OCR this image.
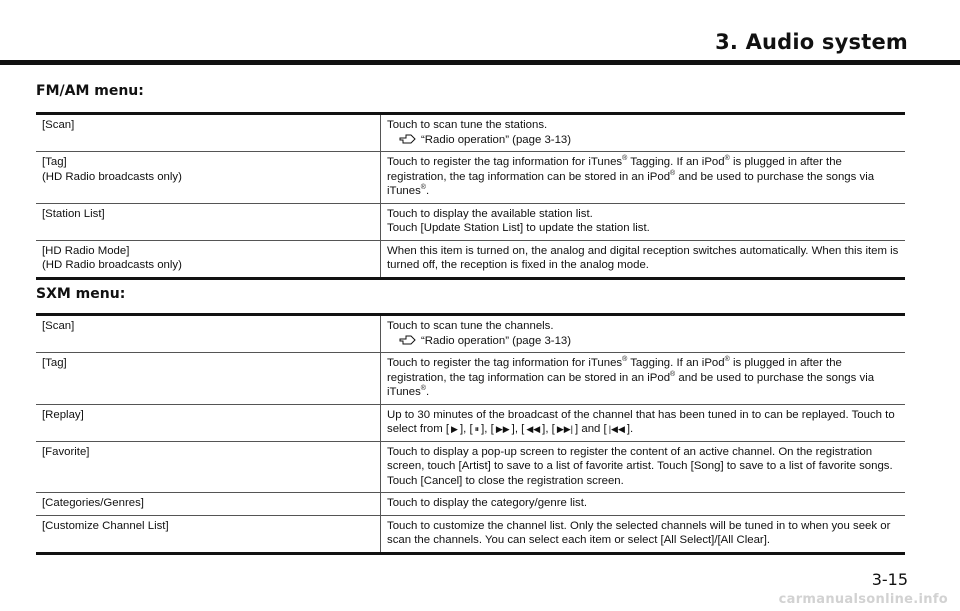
3. Audio system
FM/AM menu:
[Scan]	Touch to scan tune the stations.
“Radio operation” (page 3-13)

[Tag]
(HD Radio broadcasts only)	Touch to register the tag information for iTunes® Tagging. If an iPod® is plugged in after the registration, the tag information can be stored in an iPod® and be used to purchase the songs via iTunes®.
[Station List]	Touch to display the available station list.
Touch [Update Station List] to update the station list.
[HD Radio Mode]
(HD Radio broadcasts only)	When this item is turned on, the analog and digital reception switches automatically. When this item is turned off, the reception is fixed in the analog mode.
SXM menu:
[Scan]	Touch to scan tune the channels.
“Radio operation” (page 3-13)

[Tag]	Touch to register the tag information for iTunes® Tagging. If an iPod® is plugged in after the registration, the tag information can be stored in an iPod® and be used to purchase the songs via iTunes®.
[Replay]	Up to 30 minutes of the broadcast of the channel that has been tuned in to can be replayed. Touch to select from [ ▶ ], [ ⏸ ], [ ▶▶ ], [ ◀◀ ], [ ▶▶| ] and [ |◀◀ ].
[Favorite]	Touch to display a pop-up screen to register the content of an active channel. On the registration screen, touch [Artist] to save to a list of favorite artist. Touch [Song] to save to a list of favorite songs. Touch [Cancel] to close the registration screen.
[Categories/Genres]	Touch to display the category/genre list.
[Customize Channel List]	Touch to customize the channel list. Only the selected channels will be tuned in to when you seek or scan the channels. You can select each item or select [All Select]/[All Clear].
3-15
carmanualsonline.info
